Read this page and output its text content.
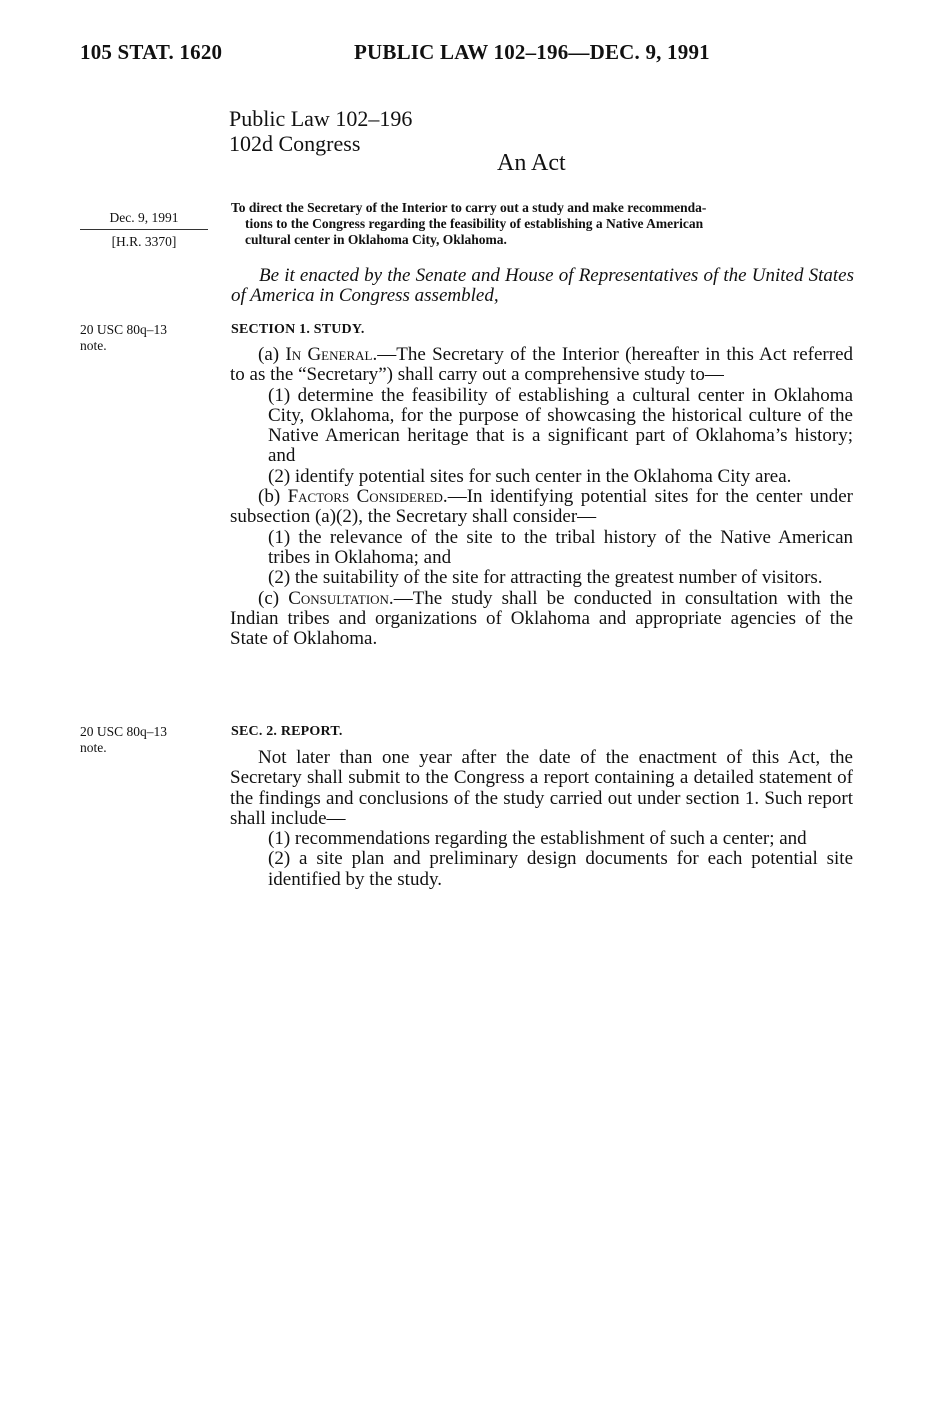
105 STAT. 1620	PUBLIC LAW 102–196—DEC. 9, 1991
Public Law 102–196
102d Congress
An Act
Dec. 9, 1991
[H.R. 3370]
To direct the Secretary of the Interior to carry out a study and make recommenda-
tions to the Congress regarding the feasibility of establishing a Native American
cultural center in Oklahoma City, Oklahoma.

Be it enacted by the Senate and House of Representatives of the United States of America in Congress assembled,

20 USC 80q–13
note.
SECTION 1. STUDY.

(a) In General.—The Secretary of the Interior (hereafter in this Act referred to as the “Secretary”) shall carry out a comprehensive study to—

(1) determine the feasibility of establishing a cultural center in Oklahoma City, Oklahoma, for the purpose of showcasing the historical culture of the Native American heritage that is a significant part of Oklahoma’s history; and

(2) identify potential sites for such center in the Oklahoma City area.

(b) Factors Considered.—In identifying potential sites for the center under subsection (a)(2), the Secretary shall consider—

(1) the relevance of the site to the tribal history of the Native American tribes in Oklahoma; and

(2) the suitability of the site for attracting the greatest number of visitors.

(c) Consultation.—The study shall be conducted in consultation with the Indian tribes and organizations of Oklahoma and appropriate agencies of the State of Oklahoma.

20 USC 80q–13
note.
SEC. 2. REPORT.

Not later than one year after the date of the enactment of this Act, the Secretary shall submit to the Congress a report containing a detailed statement of the findings and conclusions of the study carried out under section 1. Such report shall include—

(1) recommendations regarding the establishment of such a center; and

(2) a site plan and preliminary design documents for each potential site identified by the study.
